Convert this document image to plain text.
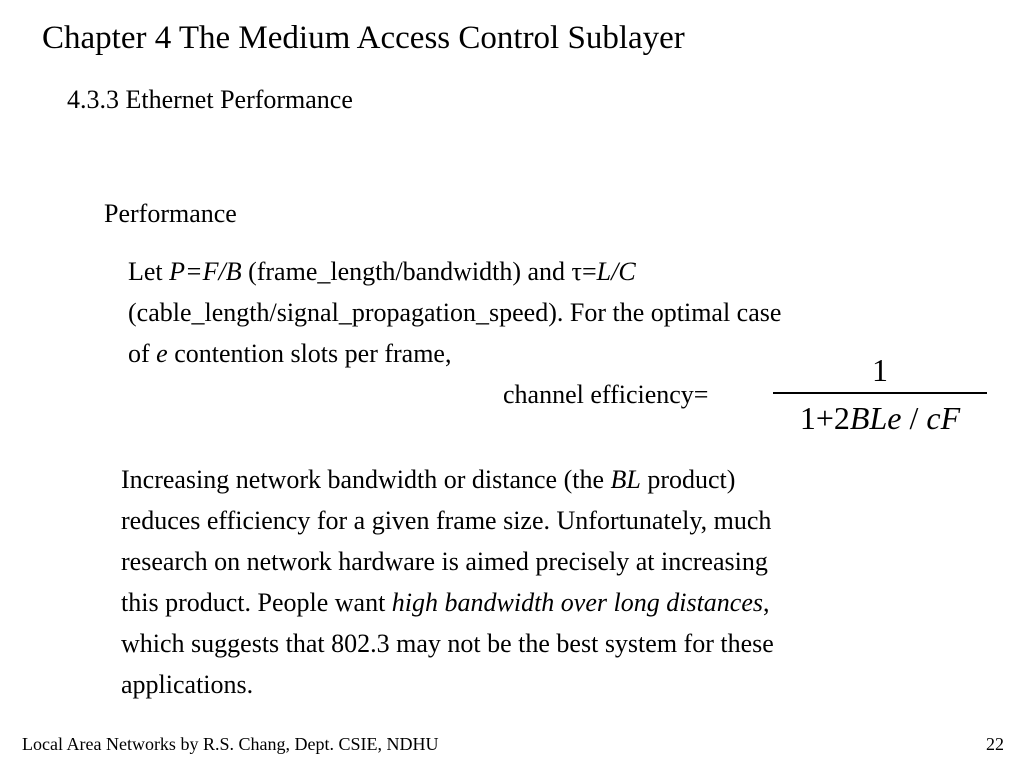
Chapter 4 The Medium Access Control Sublayer
4.3.3 Ethernet Performance
Performance
Let P=F/B (frame_length/bandwidth) and τ=L/C
(cable_length/signal_propagation_speed). For the optimal case
of e contention slots per frame,
channel efficiency=
1
1+2BLe / cF
Increasing network bandwidth or distance (the BL product)
reduces efficiency for a given frame size. Unfortunately, much
research on network hardware is aimed precisely at increasing
this product. People want high bandwidth over long distances,
which suggests that 802.3 may not be the best system for these
applications.
Local Area Networks by R.S. Chang, Dept. CSIE, NDHU	22
